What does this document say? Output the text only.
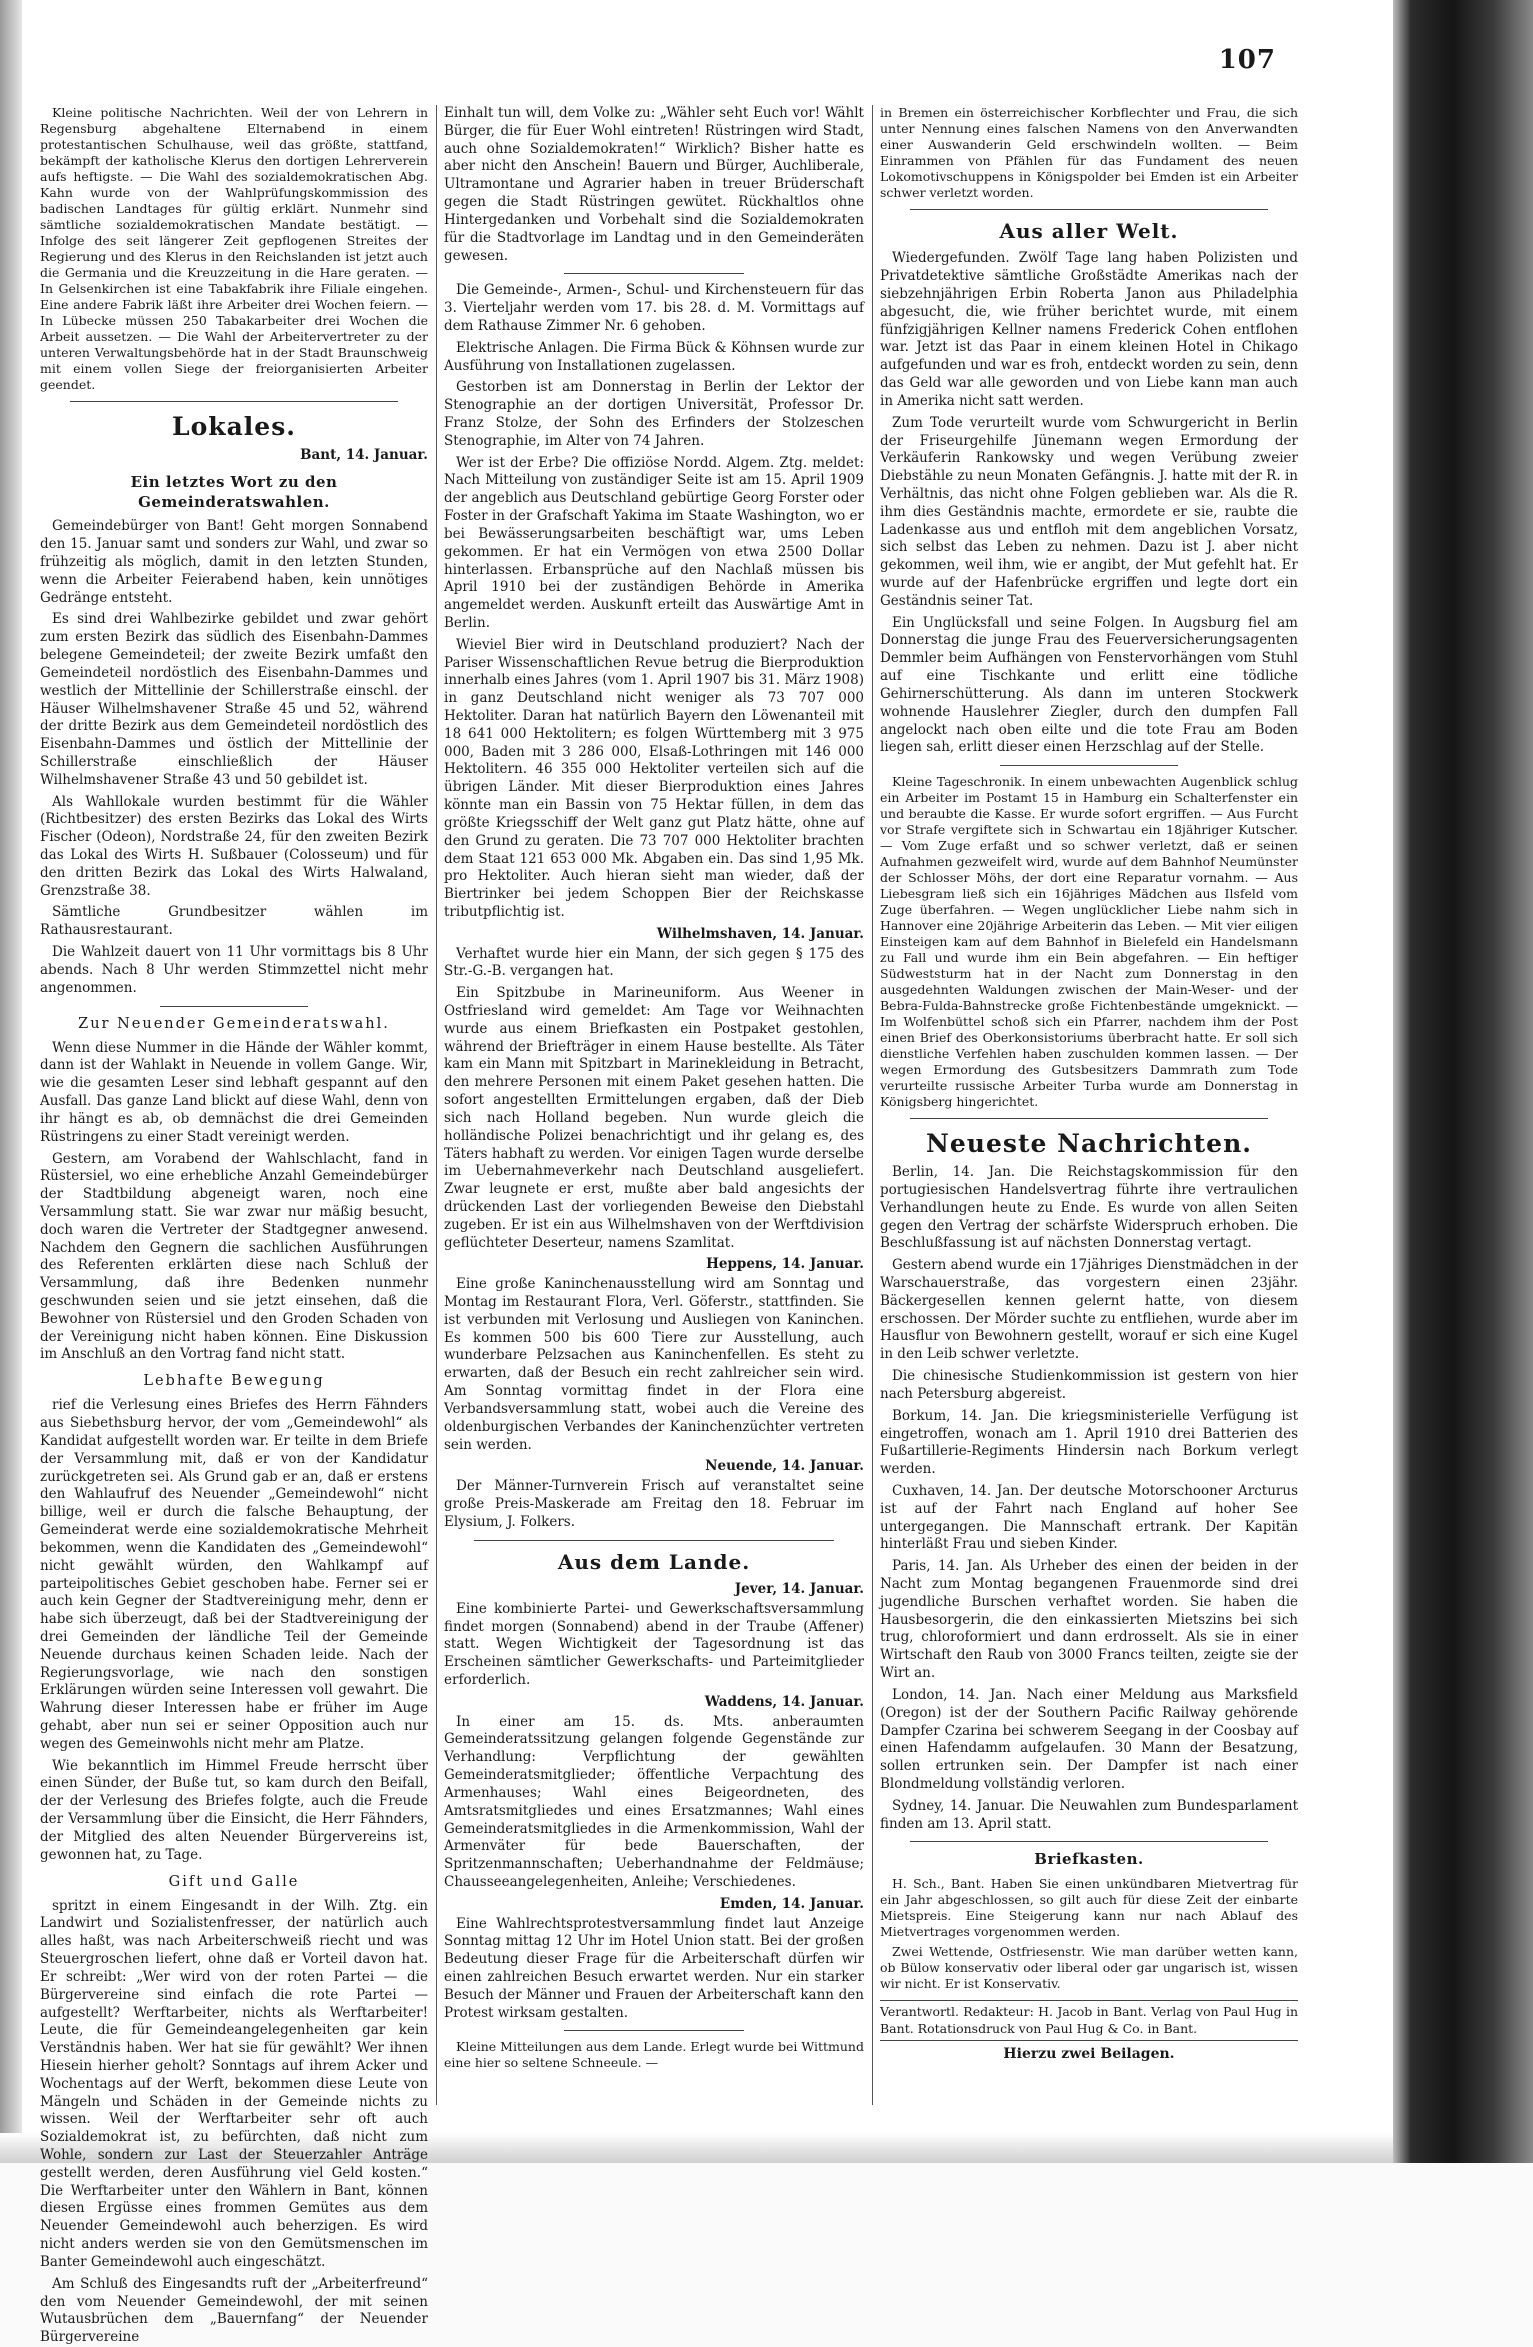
107

Kleine politische Nachrichten. Weil der von Lehrern in Regensburg abgehaltene Elternabend in einem protestantischen Schulhause, weil das größte, stattfand, bekämpft der katholische Klerus den dortigen Lehrerverein aufs heftigste. — Die Wahl des sozialdemokratischen Abg. Kahn wurde von der Wahlprüfungskommission des badischen Landtages für gültig erklärt. Nunmehr sind sämtliche sozialdemokratischen Mandate bestätigt. — Infolge des seit längerer Zeit gepflogenen Streites der Regierung und des Klerus in den Reichslanden ist jetzt auch die Germania und die Kreuzzeitung in die Hare geraten. — In Gelsenkirchen ist eine Tabakfabrik ihre Filiale eingehen. Eine andere Fabrik läßt ihre Arbeiter drei Wochen feiern. — In Lübecke müssen 250 Tabakarbeiter drei Wochen die Arbeit aussetzen. — Die Wahl der Arbeitervertreter zu der unteren Verwaltungsbehörde hat in der Stadt Braunschweig mit einem vollen Siege der freiorganisierten Arbeiter geendet.

Lokales.
Bant, 14. Januar.
Ein letztes Wort zu den Gemeinderatswahlen.

Gemeindebürger von Bant! Geht morgen Sonnabend den 15. Januar samt und sonders zur Wahl, und zwar so frühzeitig als möglich, damit in den letzten Stunden, wenn die Arbeiter Feierabend haben, kein unnötiges Gedränge entsteht.

Es sind drei Wahlbezirke gebildet und zwar gehört zum ersten Bezirk das südlich des Eisenbahn-Dammes belegene Gemeindeteil; der zweite Bezirk umfaßt den Gemeindeteil nordöstlich des Eisenbahn-Dammes und westlich der Mittellinie der Schillerstraße einschl. der Häuser Wilhelmshavener Straße 45 und 52, während der dritte Bezirk aus dem Gemeindeteil nordöstlich des Eisenbahn-Dammes und östlich der Mittellinie der Schillerstraße einschließlich der Häuser Wilhelmshavener Straße 43 und 50 gebildet ist.

Als Wahllokale wurden bestimmt für die Wähler (Richtbesitzer) des ersten Bezirks das Lokal des Wirts Fischer (Odeon), Nordstraße 24, für den zweiten Bezirk das Lokal des Wirts H. Sußbauer (Colosseum) und für den dritten Bezirk das Lokal des Wirts Halwaland, Grenzstraße 38.

Sämtliche Grundbesitzer wählen im Rathausrestaurant.

Die Wahlzeit dauert von 11 Uhr vormittags bis 8 Uhr abends. Nach 8 Uhr werden Stimmzettel nicht mehr angenommen.

Zur Neuender Gemeinderatswahl.

Wenn diese Nummer in die Hände der Wähler kommt, dann ist der Wahlakt in Neuende in vollem Gange. Wir, wie die gesamten Leser sind lebhaft gespannt auf den Ausfall. Das ganze Land blickt auf diese Wahl, denn von ihr hängt es ab, ob demnächst die drei Gemeinden Rüstringens zu einer Stadt vereinigt werden.

Gestern, am Vorabend der Wahlschlacht, fand in Rüstersiel, wo eine erhebliche Anzahl Gemeindebürger der Stadtbildung abgeneigt waren, noch eine Versammlung statt. Sie war zwar nur mäßig besucht, doch waren die Vertreter der Stadtgegner anwesend. Nachdem den Gegnern die sachlichen Ausführungen des Referenten erklärten diese nach Schluß der Versammlung, daß ihre Bedenken nunmehr geschwunden seien und sie jetzt einsehen, daß die Bewohner von Rüstersiel und den Groden Schaden von der Vereinigung nicht haben können. Eine Diskussion im Anschluß an den Vortrag fand nicht statt.

Lebhafte Bewegung

rief die Verlesung eines Briefes des Herrn Fähnders aus Siebethsburg hervor, der vom „Gemeindewohl“ als Kandidat aufgestellt worden war. Er teilte in dem Briefe der Versammlung mit, daß er von der Kandidatur zurückgetreten sei. Als Grund gab er an, daß er erstens den Wahlaufruf des Neuender „Gemeindewohl“ nicht billige, weil er durch die falsche Behauptung, der Gemeinderat werde eine sozialdemokratische Mehrheit bekommen, wenn die Kandidaten des „Gemeindewohl“ nicht gewählt würden, den Wahlkampf auf parteipolitisches Gebiet geschoben habe. Ferner sei er auch kein Gegner der Stadtvereinigung mehr, denn er habe sich überzeugt, daß bei der Stadtvereinigung der drei Gemeinden der ländliche Teil der Gemeinde Neuende durchaus keinen Schaden leide. Nach der Regierungsvorlage, wie nach den sonstigen Erklärungen würden seine Interessen voll gewahrt. Die Wahrung dieser Interessen habe er früher im Auge gehabt, aber nun sei er seiner Opposition auch nur wegen des Gemeinwohls nicht mehr am Platze.

Wie bekanntlich im Himmel Freude herrscht über einen Sünder, der Buße tut, so kam durch den Beifall, der der Verlesung des Briefes folgte, auch die Freude der Versammlung über die Einsicht, die Herr Fähnders, der Mitglied des alten Neuender Bürgervereins ist, gewonnen hat, zu Tage.

Gift und Galle

spritzt in einem Eingesandt in der Wilh. Ztg. ein Landwirt und Sozialistenfresser, der natürlich auch alles haßt, was nach Arbeiterschweiß riecht und was Steuergroschen liefert, ohne daß er Vorteil davon hat. Er schreibt: „Wer wird von der roten Partei — die Bürgervereine sind einfach die rote Partei — aufgestellt? Werftarbeiter, nichts als Werftarbeiter! Leute, die für Gemeindeangelegenheiten gar kein Verständnis haben. Wer hat sie für gewählt? Wer ihnen Hiesein hierher geholt? Sonntags auf ihrem Acker und Wochentags auf der Werft, bekommen diese Leute von Mängeln und Schäden in der Gemeinde nichts zu wissen. Weil der Werftarbeiter sehr oft auch Sozialdemokrat ist, zu befürchten, daß nicht zum Wohle, sondern zur Last der Steuerzahler Anträge gestellt werden, deren Ausführung viel Geld kosten.“ Die Werftarbeiter unter den Wählern in Bant, können diesen Ergüsse eines frommen Gemütes aus dem Neuender Gemeindewohl auch beherzigen. Es wird nicht anders werden sie von den Gemütsmenschen im Banter Gemeindewohl auch eingeschätzt.

Am Schluß des Eingesandts ruft der „Arbeiterfreund“ den vom Neuender Gemeindewohl, der mit seinen Wutausbrüchen dem „Bauernfang“ der Neuender Bürgervereine

Einhalt tun will, dem Volke zu: „Wähler seht Euch vor! Wählt Bürger, die für Euer Wohl eintreten! Rüstringen wird Stadt, auch ohne Sozialdemokraten!“ Wirklich? Bisher hatte es aber nicht den Anschein! Bauern und Bürger, Auchliberale, Ultramontane und Agrarier haben in treuer Brüderschaft gegen die Stadt Rüstringen gewütet. Rückhaltlos ohne Hintergedanken und Vorbehalt sind die Sozialdemokraten für die Stadtvorlage im Landtag und in den Gemeinderäten gewesen.

Die Gemeinde-, Armen-, Schul- und Kirchensteuern für das 3. Vierteljahr werden vom 17. bis 28. d. M. Vormittags auf dem Rathause Zimmer Nr. 6 gehoben.

Elektrische Anlagen. Die Firma Bück & Köhnsen wurde zur Ausführung von Installationen zugelassen.

Gestorben ist am Donnerstag in Berlin der Lektor der Stenographie an der dortigen Universität, Professor Dr. Franz Stolze, der Sohn des Erfinders der Stolzeschen Stenographie, im Alter von 74 Jahren.

Wer ist der Erbe? Die offiziöse Nordd. Algem. Ztg. meldet: Nach Mitteilung von zuständiger Seite ist am 15. April 1909 der angeblich aus Deutschland gebürtige Georg Forster oder Foster in der Grafschaft Yakima im Staate Washington, wo er bei Bewässerungsarbeiten beschäftigt war, ums Leben gekommen. Er hat ein Vermögen von etwa 2500 Dollar hinterlassen. Erbansprüche auf den Nachlaß müssen bis April 1910 bei der zuständigen Behörde in Amerika angemeldet werden. Auskunft erteilt das Auswärtige Amt in Berlin.

Wieviel Bier wird in Deutschland produziert? Nach der Pariser Wissenschaftlichen Revue betrug die Bierproduktion innerhalb eines Jahres (vom 1. April 1907 bis 31. März 1908) in ganz Deutschland nicht weniger als 73 707 000 Hektoliter. Daran hat natürlich Bayern den Löwenanteil mit 18 641 000 Hektolitern; es folgen Württemberg mit 3 975 000, Baden mit 3 286 000, Elsaß-Lothringen mit 146 000 Hektolitern. 46 355 000 Hektoliter verteilen sich auf die übrigen Länder. Mit dieser Bierproduktion eines Jahres könnte man ein Bassin von 75 Hektar füllen, in dem das größte Kriegsschiff der Welt ganz gut Platz hätte, ohne auf den Grund zu geraten. Die 73 707 000 Hektoliter brachten dem Staat 121 653 000 Mk. Abgaben ein. Das sind 1,95 Mk. pro Hektoliter. Auch hieran sieht man wieder, daß der Biertrinker bei jedem Schoppen Bier der Reichskasse tributpflichtig ist.

Wilhelmshaven, 14. Januar.

Verhaftet wurde hier ein Mann, der sich gegen § 175 des Str.-G.-B. vergangen hat.

Ein Spitzbube in Marineuniform. Aus Weener in Ostfriesland wird gemeldet: Am Tage vor Weihnachten wurde aus einem Briefkasten ein Postpaket gestohlen, während der Briefträger in einem Hause bestellte. Als Täter kam ein Mann mit Spitzbart in Marinekleidung in Betracht, den mehrere Personen mit einem Paket gesehen hatten. Die sofort angestellten Ermittelungen ergaben, daß der Dieb sich nach Holland begeben. Nun wurde gleich die holländische Polizei benachrichtigt und ihr gelang es, des Täters habhaft zu werden. Vor einigen Tagen wurde derselbe im Uebernahmeverkehr nach Deutschland ausgeliefert. Zwar leugnete er erst, mußte aber bald angesichts der drückenden Last der vorliegenden Beweise den Diebstahl zugeben. Er ist ein aus Wilhelmshaven von der Werftdivision geflüchteter Deserteur, namens Szamlitat.

Heppens, 14. Januar.

Eine große Kaninchenausstellung wird am Sonntag und Montag im Restaurant Flora, Verl. Göferstr., stattfinden. Sie ist verbunden mit Verlosung und Ausliegen von Kaninchen. Es kommen 500 bis 600 Tiere zur Ausstellung, auch wunderbare Pelzsachen aus Kaninchenfellen. Es steht zu erwarten, daß der Besuch ein recht zahlreicher sein wird. Am Sonntag vormittag findet in der Flora eine Verbandsversammlung statt, wobei auch die Vereine des oldenburgischen Verbandes der Kaninchenzüchter vertreten sein werden.

Neuende, 14. Januar.

Der Männer-Turnverein Frisch auf veranstaltet seine große Preis-Maskerade am Freitag den 18. Februar im Elysium, J. Folkers.

Aus dem Lande.
Jever, 14. Januar.

Eine kombinierte Partei- und Gewerkschaftsversammlung findet morgen (Sonnabend) abend in der Traube (Affener) statt. Wegen Wichtigkeit der Tagesordnung ist das Erscheinen sämtlicher Gewerkschafts- und Parteimitglieder erforderlich.

Waddens, 14. Januar.

In einer am 15. ds. Mts. anberaumten Gemeinderatssitzung gelangen folgende Gegenstände zur Verhandlung: Verpflichtung der gewählten Gemeinderatsmitglieder; öffentliche Verpachtung des Armenhauses; Wahl eines Beigeordneten, des Amtsratsmitgliedes und eines Ersatzmannes; Wahl eines Gemeinderatsmitgliedes in die Armenkommission, Wahl der Armenväter für bede Bauerschaften, der Spritzenmannschaften; Ueberhandnahme der Feldmäuse; Chausseeangelegenheiten, Anleihe; Verschiedenes.

Emden, 14. Januar.

Eine Wahlrechtsprotestversammlung findet laut Anzeige Sonntag mittag 12 Uhr im Hotel Union statt. Bei der großen Bedeutung dieser Frage für die Arbeiterschaft dürfen wir einen zahlreichen Besuch erwartet werden. Nur ein starker Besuch der Männer und Frauen der Arbeiterschaft kann den Protest wirksam gestalten.

Kleine Mitteilungen aus dem Lande. Erlegt wurde bei Wittmund eine hier so seltene Schneeule. —

in Bremen ein österreichischer Korbflechter und Frau, die sich unter Nennung eines falschen Namens von den Anverwandten einer Auswanderin Geld erschwindeln wollten. — Beim Einrammen von Pfählen für das Fundament des neuen Lokomotivschuppens in Königspolder bei Emden ist ein Arbeiter schwer verletzt worden.

Aus aller Welt.

Wiedergefunden. Zwölf Tage lang haben Polizisten und Privatdetektive sämtliche Großstädte Amerikas nach der siebzehnjährigen Erbin Roberta Janon aus Philadelphia abgesucht, die, wie früher berichtet wurde, mit einem fünfzigjährigen Kellner namens Frederick Cohen entflohen war. Jetzt ist das Paar in einem kleinen Hotel in Chikago aufgefunden und war es froh, entdeckt worden zu sein, denn das Geld war alle geworden und von Liebe kann man auch in Amerika nicht satt werden.

Zum Tode verurteilt wurde vom Schwurgericht in Berlin der Friseurgehilfe Jünemann wegen Ermordung der Verkäuferin Rankowsky und wegen Verübung zweier Diebstähle zu neun Monaten Gefängnis. J. hatte mit der R. in Verhältnis, das nicht ohne Folgen geblieben war. Als die R. ihm dies Geständnis machte, ermordete er sie, raubte die Ladenkasse aus und entfloh mit dem angeblichen Vorsatz, sich selbst das Leben zu nehmen. Dazu ist J. aber nicht gekommen, weil ihm, wie er angibt, der Mut gefehlt hat. Er wurde auf der Hafenbrücke ergriffen und legte dort ein Geständnis seiner Tat.

Ein Unglücksfall und seine Folgen. In Augsburg fiel am Donnerstag die junge Frau des Feuerversicherungsagenten Demmler beim Aufhängen von Fenstervorhängen vom Stuhl auf eine Tischkante und erlitt eine tödliche Gehirnerschütterung. Als dann im unteren Stockwerk wohnende Hauslehrer Ziegler, durch den dumpfen Fall angelockt nach oben eilte und die tote Frau am Boden liegen sah, erlitt dieser einen Herzschlag auf der Stelle.

Kleine Tageschronik. In einem unbewachten Augenblick schlug ein Arbeiter im Postamt 15 in Hamburg ein Schalterfenster ein und beraubte die Kasse. Er wurde sofort ergriffen. — Aus Furcht vor Strafe vergiftete sich in Schwartau ein 18jähriger Kutscher. — Vom Zuge erfaßt und so schwer verletzt, daß er seinen Aufnahmen gezweifelt wird, wurde auf dem Bahnhof Neumünster der Schlosser Möhs, der dort eine Reparatur vornahm. — Aus Liebesgram ließ sich ein 16jähriges Mädchen aus Ilsfeld vom Zuge überfahren. — Wegen unglücklicher Liebe nahm sich in Hannover eine 20jährige Arbeiterin das Leben. — Mit vier eiligen Einsteigen kam auf dem Bahnhof in Bielefeld ein Handelsmann zu Fall und wurde ihm ein Bein abgefahren. — Ein heftiger Südweststurm hat in der Nacht zum Donnerstag in den ausgedehnten Waldungen zwischen der Main-Weser- und der Bebra-Fulda-Bahnstrecke große Fichtenbestände umgeknickt. — Im Wolfenbüttel schoß sich ein Pfarrer, nachdem ihm der Post einen Brief des Oberkonsistoriums überbracht hatte. Er soll sich dienstliche Verfehlen haben zuschulden kommen lassen. — Der wegen Ermordung des Gutsbesitzers Dammrath zum Tode verurteilte russische Arbeiter Turba wurde am Donnerstag in Königsberg hingerichtet.

Neueste Nachrichten.

Berlin, 14. Jan. Die Reichstagskommission für den portugiesischen Handelsvertrag führte ihre vertraulichen Verhandlungen heute zu Ende. Es wurde von allen Seiten gegen den Vertrag der schärfste Widerspruch erhoben. Die Beschlußfassung ist auf nächsten Donnerstag vertagt.

Gestern abend wurde ein 17jähriges Dienstmädchen in der Warschauerstraße, das vorgestern einen 23jähr. Bäckergesellen kennen gelernt hatte, von diesem erschossen. Der Mörder suchte zu entfliehen, wurde aber im Hausflur von Bewohnern gestellt, worauf er sich eine Kugel in den Leib schwer verletzte.

Die chinesische Studienkommission ist gestern von hier nach Petersburg abgereist.

Borkum, 14. Jan. Die kriegsministerielle Verfügung ist eingetroffen, wonach am 1. April 1910 drei Batterien des Fußartillerie-Regiments Hindersin nach Borkum verlegt werden.

Cuxhaven, 14. Jan. Der deutsche Motorschooner Arcturus ist auf der Fahrt nach England auf hoher See untergegangen. Die Mannschaft ertrank. Der Kapitän hinterläßt Frau und sieben Kinder.

Paris, 14. Jan. Als Urheber des einen der beiden in der Nacht zum Montag begangenen Frauenmorde sind drei jugendliche Burschen verhaftet worden. Sie haben die Hausbesorgerin, die den einkassierten Mietszins bei sich trug, chloroformiert und dann erdrosselt. Als sie in einer Wirtschaft den Raub von 3000 Francs teilten, zeigte sie der Wirt an.

London, 14. Jan. Nach einer Meldung aus Marksfield (Oregon) ist der der Southern Pacific Railway gehörende Dampfer Czarina bei schwerem Seegang in der Coosbay auf einen Hafendamm aufgelaufen. 30 Mann der Besatzung, sollen ertrunken sein. Der Dampfer ist nach einer Blondmeldung vollständig verloren.

Sydney, 14. Januar. Die Neuwahlen zum Bundesparlament finden am 13. April statt.

Briefkasten.

H. Sch., Bant. Haben Sie einen unkündbaren Mietvertrag für ein Jahr abgeschlossen, so gilt auch für diese Zeit der einbarte Mietspreis. Eine Steigerung kann nur nach Ablauf des Mietvertrages vorgenommen werden.

Zwei Wettende, Ostfriesenstr. Wie man darüber wetten kann, ob Bülow konservativ oder liberal oder gar ungarisch ist, wissen wir nicht. Er ist Konservativ.

Verantwortl. Redakteur: H. Jacob in Bant. Verlag von Paul Hug in Bant. Rotationsdruck von Paul Hug & Co. in Bant.
Hierzu zwei Beilagen.
